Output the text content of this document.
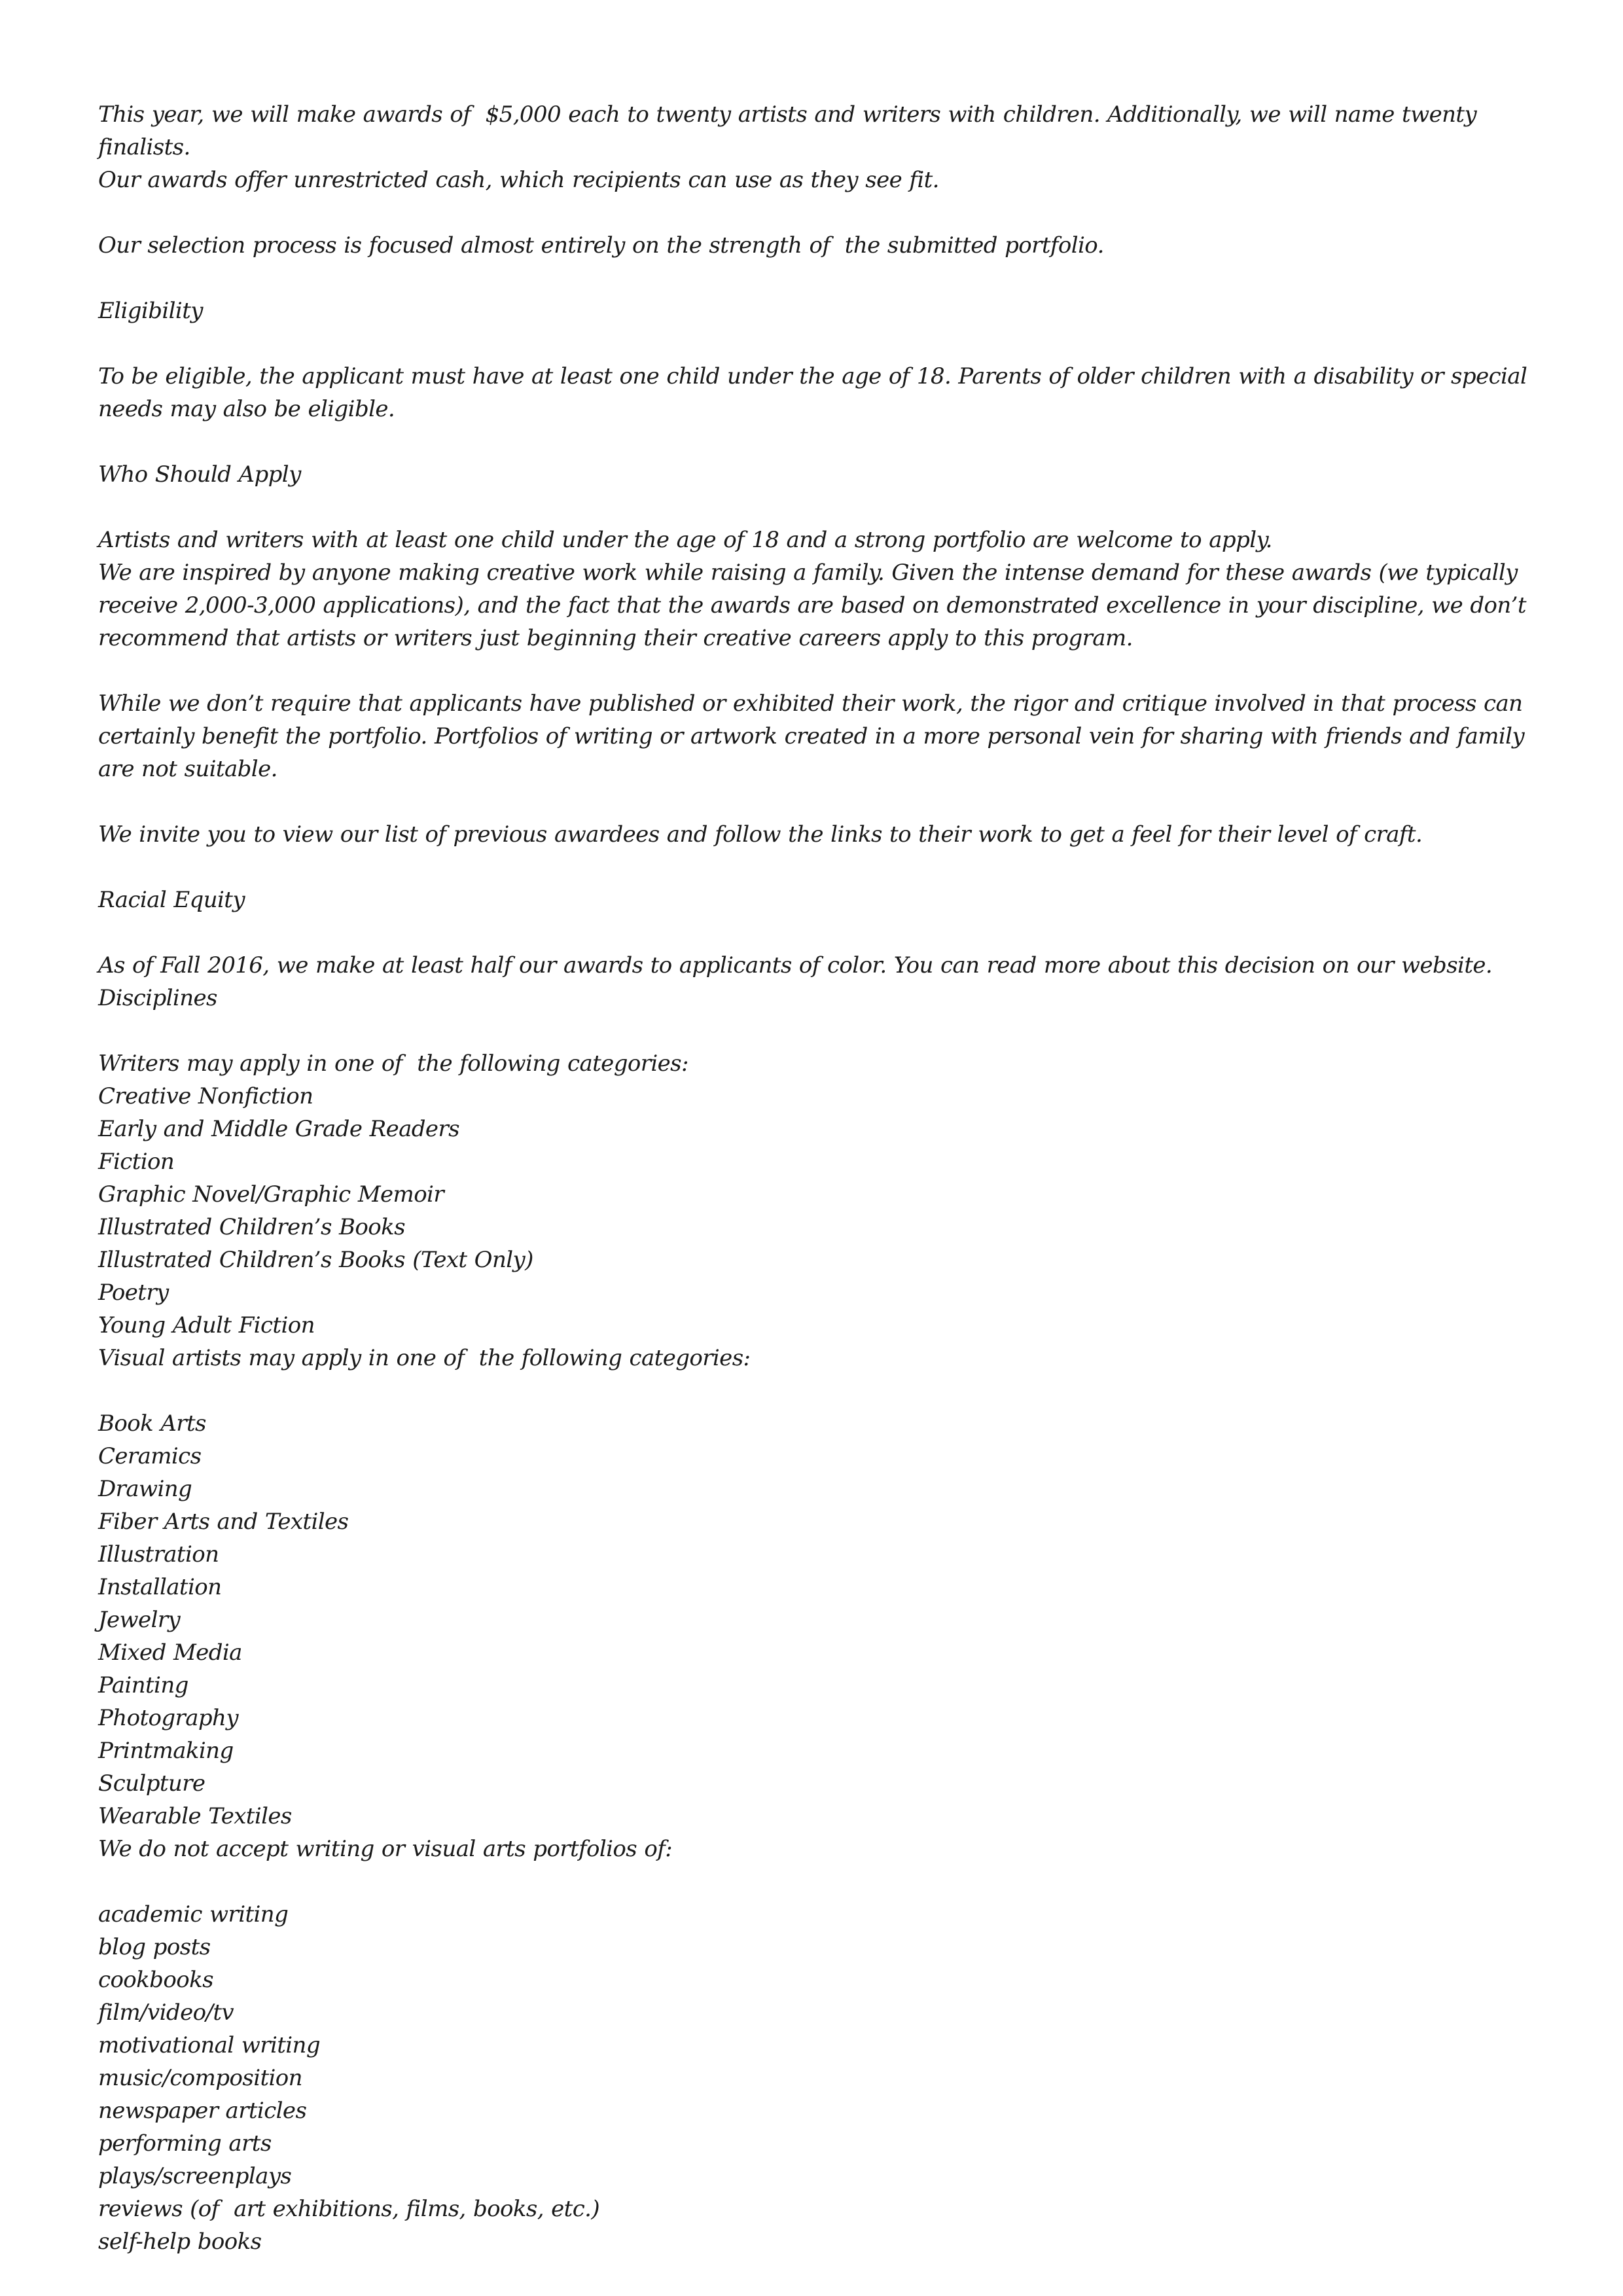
This year, we will make awards of  $5,000 each to twenty artists and writers with children. Additionally, we will name twenty finalists.
Our awards offer unrestricted cash, which recipients can use as they see fit.
Our selection process is focused almost entirely on the strength of  the submitted portfolio.
Eligibility
To be eligible, the applicant must have at least one child under the age of 18. Parents of older children with a disability or special needs may also be eligible.
Who Should Apply
Artists and writers with at least one child under the age of 18 and a strong portfolio are welcome to apply.
We are inspired by anyone making creative work while raising a family. Given the intense demand for these awards (we typically receive 2,000-3,000 applications), and the fact that the awards are based on demonstrated excellence in your discipline, we don’t recommend that artists or writers just beginning their creative careers apply to this program.
While we don’t require that applicants have published or exhibited their work, the rigor and critique involved in that process can certainly benefit the portfolio. Portfolios of writing or artwork created in a more personal vein for sharing with friends and family are not suitable.
We invite you to view our list of previous awardees and follow the links to their work to get a feel for their level of craft.
Racial Equity
As of Fall 2016, we make at least half our awards to applicants of color. You can read more about this decision on our website.
Disciplines
Writers may apply in one of  the following categories:
Creative Nonfiction
Early and Middle Grade Readers
Fiction
Graphic Novel/Graphic Memoir
Illustrated Children’s Books
Illustrated Children’s Books (Text Only)
Poetry
Young Adult Fiction
Visual artists may apply in one of  the following categories:
Book Arts
Ceramics
Drawing
Fiber Arts and Textiles
Illustration
Installation
Jewelry
Mixed Media
Painting
Photography
Printmaking
Sculpture
Wearable Textiles
We do not accept writing or visual arts portfolios of:
academic writing
blog posts
cookbooks
film/video/tv
motivational writing
music/composition
newspaper articles
performing arts
plays/screenplays
reviews (of  art exhibitions, films, books, etc.)
self-help books
